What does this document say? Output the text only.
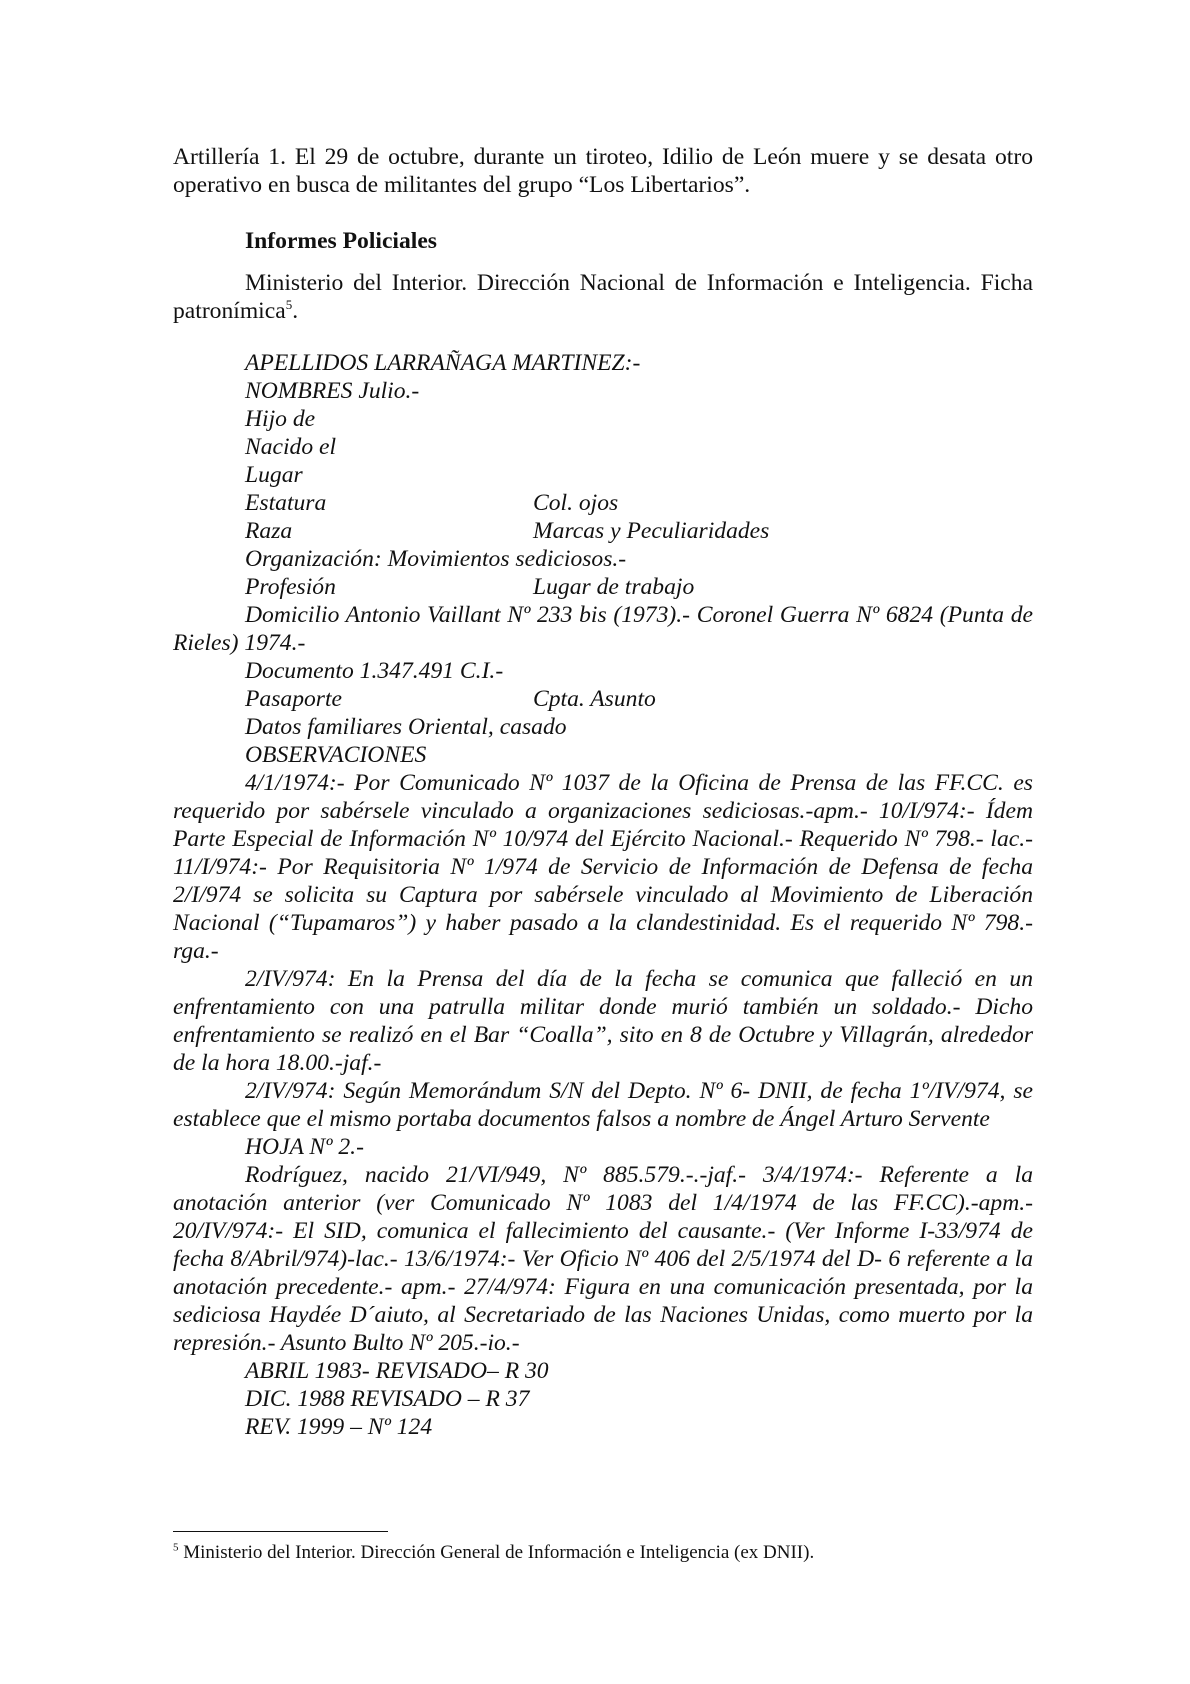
Artillería 1. El 29 de octubre, durante un tiroteo, Idilio de León muere y se desata otro operativo en busca de militantes del grupo “Los Libertarios”.

Informes Policiales

Ministerio del Interior. Dirección Nacional de Información e Inteligencia. Ficha patronímica$^5$.

APELLIDOS LARRAÑAGA MARTINEZ:-
NOMBRES Julio.-
Hijo de
Nacido el
Lugar
Estatura	Col. ojos
Raza	Marcas y Peculiaridades
Organización: Movimientos sediciosos.-
Profesión	Lugar de trabajo

Domicilio Antonio Vaillant Nº 233 bis (1973).- Coronel Guerra Nº 6824 (Punta de Rieles) 1974.-

Documento 1.347.491 C.I.-
Pasaporte	Cpta. Asunto
Datos familiares Oriental, casado
OBSERVACIONES

4/1/1974:- Por Comunicado Nº 1037 de la Oficina de Prensa de las FF.CC. es requerido por sabérsele vinculado a organizaciones sediciosas.-apm.- 10/I/974:- Ídem Parte Especial de Información Nº 10/974 del Ejército Nacional.- Requerido Nº 798.- lac.- 11/I/974:- Por Requisitoria Nº 1/974 de Servicio de Información de Defensa de fecha 2/I/974 se solicita su Captura por sabérsele vinculado al Movimiento de Liberación Nacional (“Tupamaros”) y haber pasado a la clandestinidad. Es el requerido Nº 798.-rga.-

2/IV/974: En la Prensa del día de la fecha se comunica que falleció en un enfrentamiento con una patrulla militar donde murió también un soldado.- Dicho enfrentamiento se realizó en el Bar “Coalla”, sito en 8 de Octubre y Villagrán, alrededor de la hora 18.00.-jaf.-

2/IV/974: Según Memorándum S/N del Depto. Nº 6- DNII, de fecha 1º/IV/974, se establece que el mismo portaba documentos falsos a nombre de Ángel Arturo Servente

HOJA Nº 2.-

Rodríguez, nacido 21/VI/949, Nº 885.579.-.-jaf.- 3/4/1974:- Referente a la anotación anterior (ver Comunicado Nº 1083 del 1/4/1974 de las FF.CC).-apm.- 20/IV/974:- El SID, comunica el fallecimiento del causante.- (Ver Informe I-33/974 de fecha 8/Abril/974)-lac.- 13/6/1974:- Ver Oficio Nº 406 del 2/5/1974 del D- 6 referente a la anotación precedente.- apm.- 27/4/974: Figura en una comunicación presentada, por la sediciosa Haydée D´aiuto, al Secretariado de las Naciones Unidas, como muerto por la represión.- Asunto Bulto Nº 205.-io.-

ABRIL 1983- REVISADO– R 30
DIC. 1988 REVISADO – R 37
REV. 1999 – Nº 124
$^5$ Ministerio del Interior. Dirección General de Información e Inteligencia (ex DNII).
